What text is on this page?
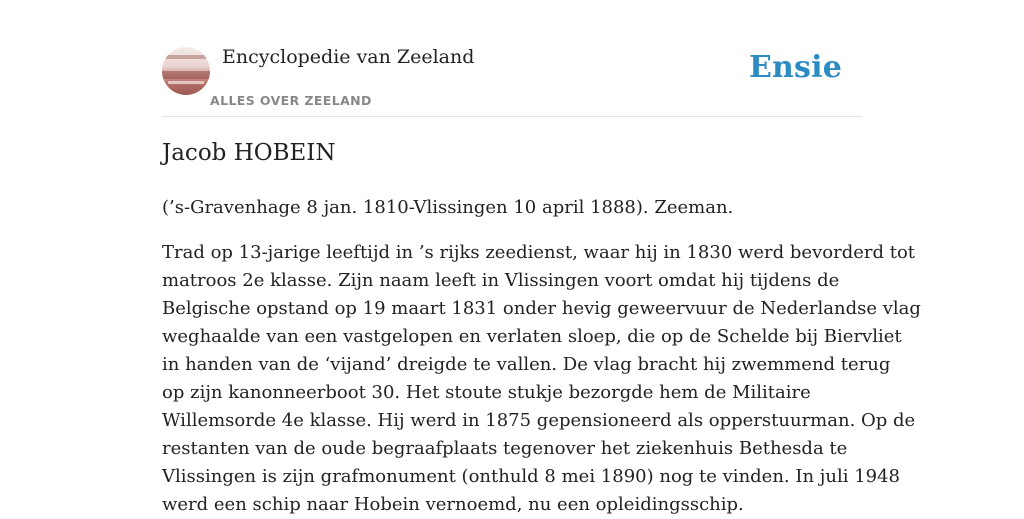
Encyclopedie van Zeeland
ALLES OVER ZEELAND
Ensie
Jacob HOBEIN

(’s-Gravenhage 8 jan. 1810-Vlissingen 10 april 1888). Zeeman.

Trad op 13-jarige leeftijd in ’s rijks zeedienst, waar hij in 1830 werd bevorderd tot
matroos 2e klasse. Zijn naam leeft in Vlissingen voort omdat hij tijdens de
Belgische opstand op 19 maart 1831 onder hevig geweervuur de Nederlandse vlag
weghaalde van een vastgelopen en verlaten sloep, die op de Schelde bij Biervliet
in handen van de ‘vijand’ dreigde te vallen. De vlag bracht hij zwemmend terug
op zijn kanonneerboot 30. Het stoute stukje bezorgde hem de Militaire
Willemsorde 4e klasse. Hij werd in 1875 gepensioneerd als opperstuurman. Op de
restanten van de oude begraafplaats tegenover het ziekenhuis Bethesda te
Vlissingen is zijn grafmonument (onthuld 8 mei 1890) nog te vinden. In juli 1948
werd een schip naar Hobein vernoemd, nu een opleidingsschip.
